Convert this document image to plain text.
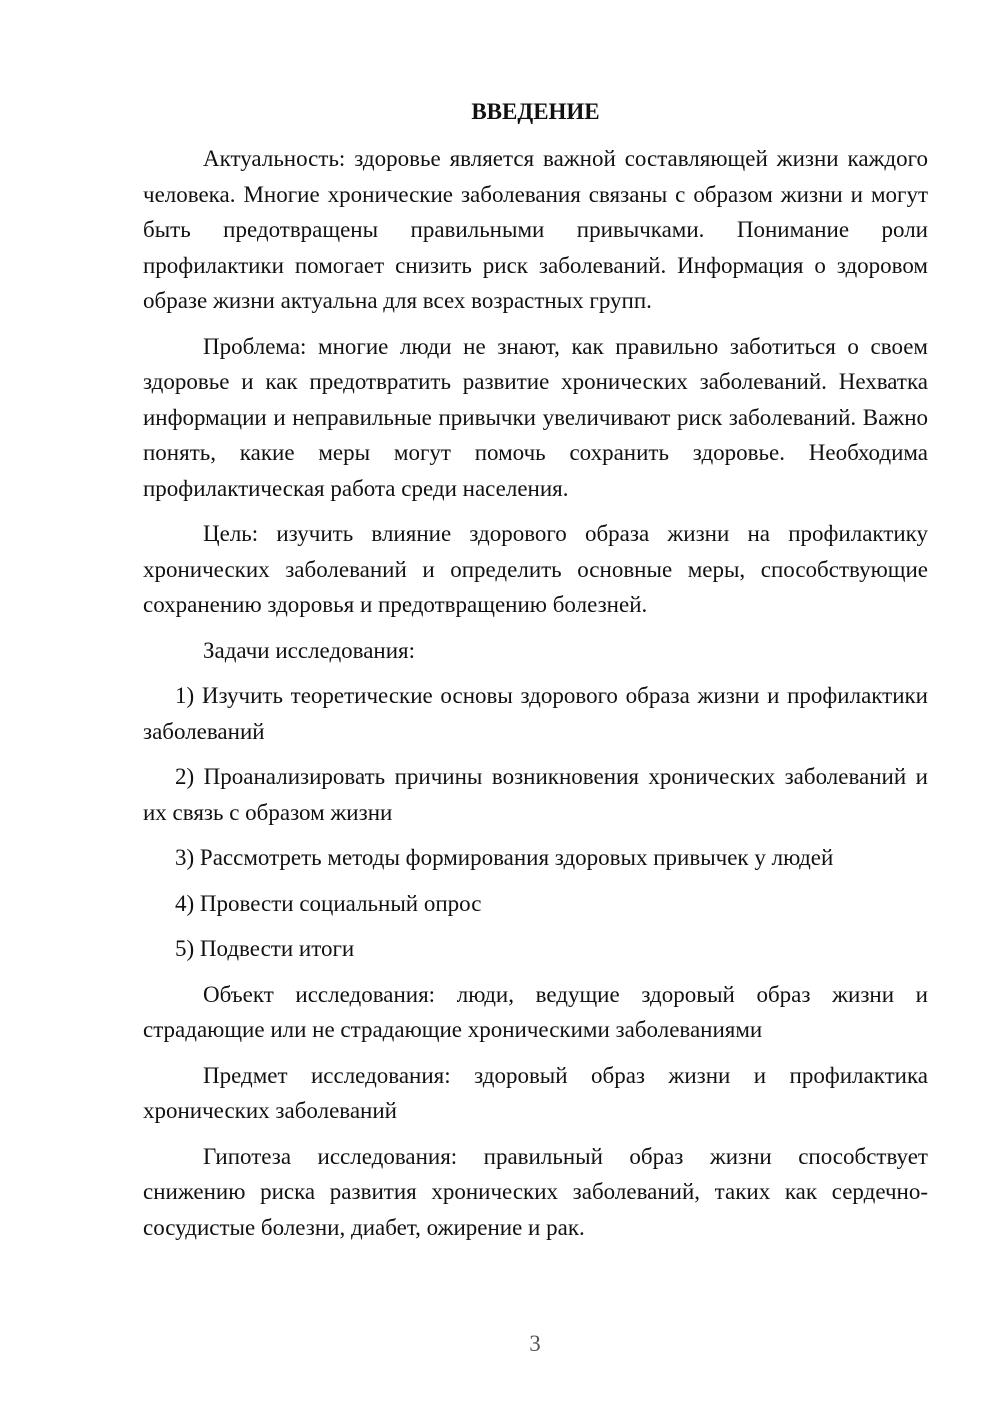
ВВЕДЕНИЕ

Актуальность: здоровье является важной составляющей жизни каждого человека. Многие хронические заболевания связаны с образом жизни и могут быть предотвращены правильными привычками. Понимание роли профилактики помогает снизить риск заболеваний. Информация о здоровом образе жизни актуальна для всех возрастных групп.

Проблема: многие люди не знают, как правильно заботиться о своем здоровье и как предотвратить развитие хронических заболеваний. Нехватка информации и неправильные привычки увеличивают риск заболеваний. Важно понять, какие меры могут помочь сохранить здоровье. Необходима профилактическая работа среди населения.

Цель: изучить влияние здорового образа жизни на профилактику хронических заболеваний и определить основные меры, способствующие сохранению здоровья и предотвращению болезней.

Задачи исследования:

1) Изучить теоретические основы здорового образа жизни и профилактики заболеваний

2) Проанализировать причины возникновения хронических заболеваний и их связь с образом жизни

3) Рассмотреть методы формирования здоровых привычек у людей

4) Провести социальный опрос

5) Подвести итоги

Объект исследования: люди, ведущие здоровый образ жизни и страдающие или не страдающие хроническими заболеваниями

Предмет исследования: здоровый образ жизни и профилактика хронических заболеваний

Гипотеза исследования: правильный образ жизни способствует снижению риска развития хронических заболеваний, таких как сердечно-сосудистые болезни, диабет, ожирение и рак.

3
